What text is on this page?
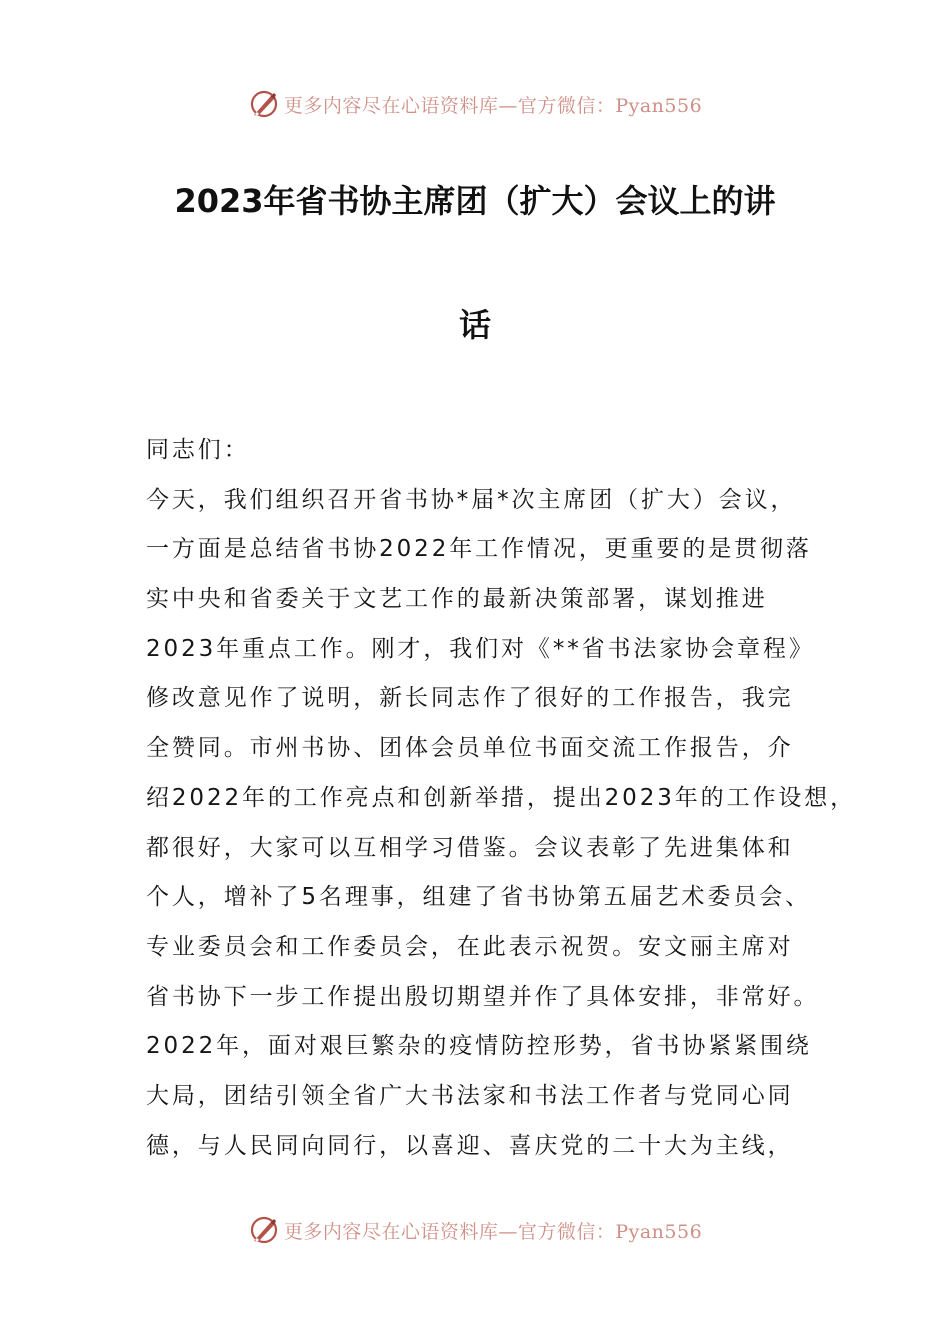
更多内容尽在心语资料库—官方微信：Pyan556
2023年省书协主席团（扩大）会议上的讲
话
同志们：
今天，我们组织召开省书协*届*次主席团（扩大）会议，
一方面是总结省书协2022年工作情况，更重要的是贯彻落
实中央和省委关于文艺工作的最新决策部署，谋划推进
2023年重点工作。刚才，我们对《**省书法家协会章程》
修改意见作了说明，新长同志作了很好的工作报告，我完
全赞同。市州书协、团体会员单位书面交流工作报告，介
绍2022年的工作亮点和创新举措，提出2023年的工作设想，
都很好，大家可以互相学习借鉴。会议表彰了先进集体和
个人，增补了5名理事，组建了省书协第五届艺术委员会、
专业委员会和工作委员会，在此表示祝贺。安文丽主席对
省书协下一步工作提出殷切期望并作了具体安排，非常好。
2022年，面对艰巨繁杂的疫情防控形势，省书协紧紧围绕
大局，团结引领全省广大书法家和书法工作者与党同心同
德，与人民同向同行，以喜迎、喜庆党的二十大为主线，
更多内容尽在心语资料库—官方微信：Pyan556
